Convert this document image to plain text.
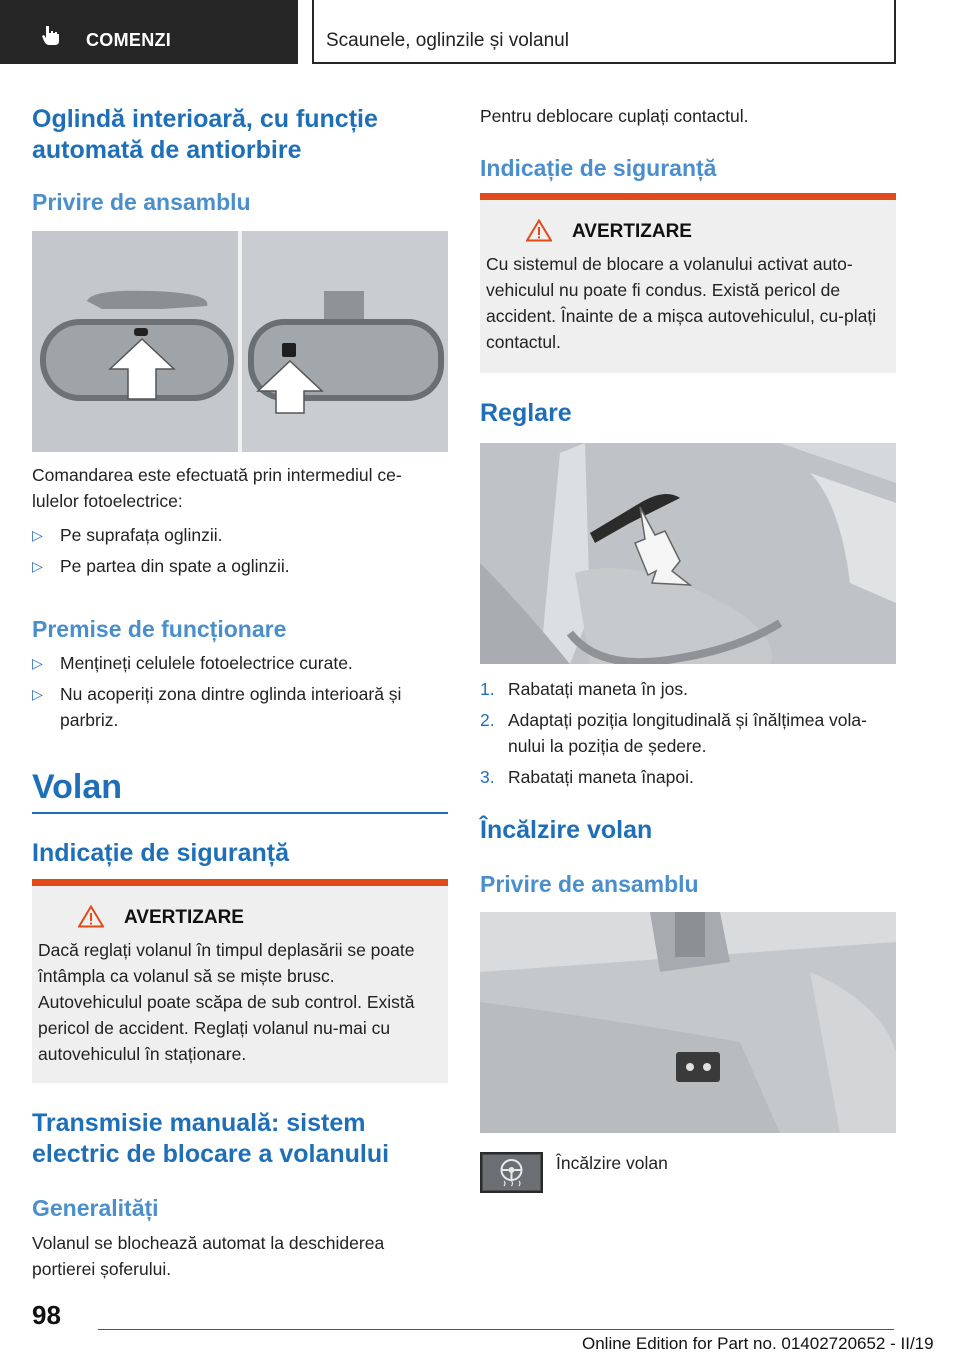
COMENZI	Scaunele, oglinzile și volanul
Oglindă interioară, cu funcție automată de antiorbire
Privire de ansamblu
Comandarea este efectuată prin intermediul ce-lulelor fotoelectrice:
▷ Pe suprafața oglinzii.
▷ Pe partea din spate a oglinzii.
Premise de funcționare
▷ Mențineți celulele fotoelectrice curate.
▷ Nu acoperiți zona dintre oglinda interioară și parbriz.
Volan
Indicație de siguranță
AVERTIZARE
Dacă reglați volanul în timpul deplasării se poate întâmpla ca volanul să se miște brusc. Autovehiculul poate scăpa de sub control. Există pericol de accident. Reglați volanul nu-mai cu autovehiculul în staționare.
Transmisie manuală: sistem electric de blocare a volanului
Generalități
Volanul se blochează automat la deschiderea portierei șoferului.
Pentru deblocare cuplați contactul.
Indicație de siguranță
AVERTIZARE
Cu sistemul de blocare a volanului activat auto-vehiculul nu poate fi condus. Există pericol de accident. Înainte de a mișca autovehiculul, cu-plați contactul.
Reglare
1. Rabatați maneta în jos.
2. Adaptați poziția longitudinală și înălțimea vola-nului la poziția de ședere.
3. Rabatați maneta înapoi.
Încălzire volan
Privire de ansamblu
Încălzire volan
98
Online Edition for Part no. 01402720652 - II/19
